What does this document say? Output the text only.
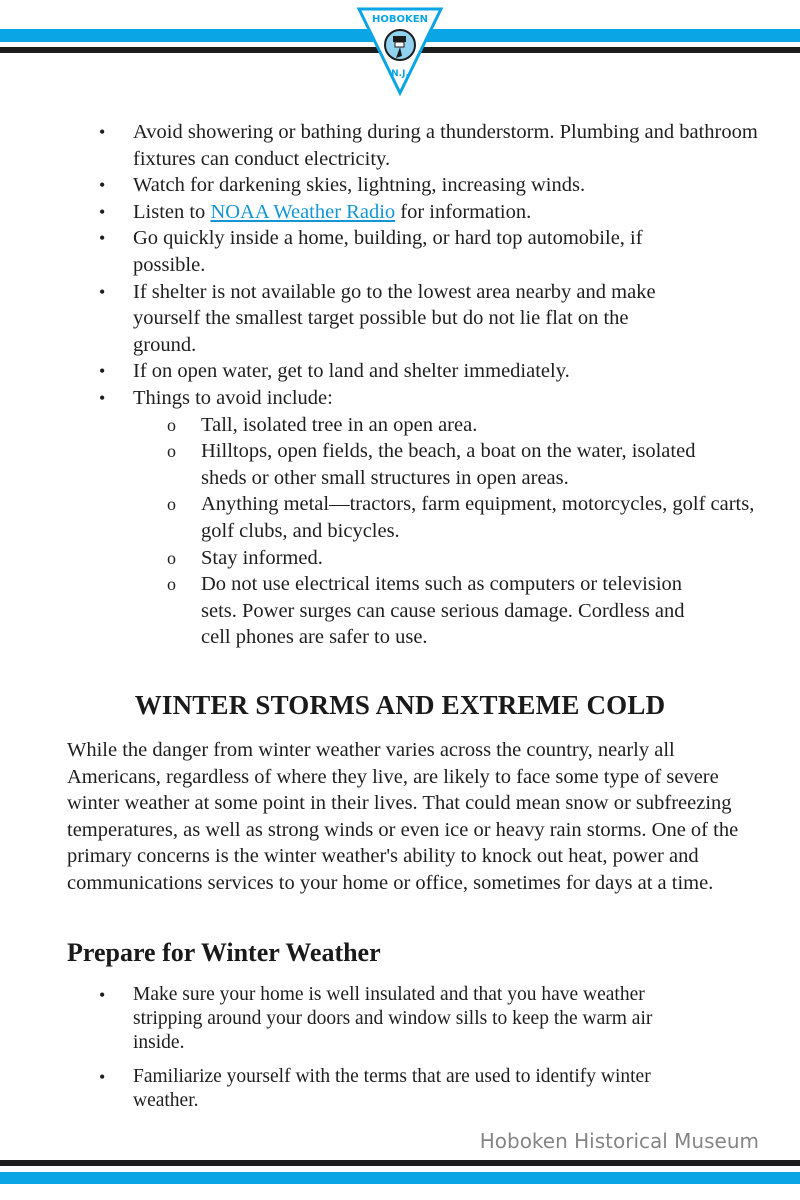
HOBOKEN
N.J.
• Avoid showering or bathing during a thunderstorm. Plumbing and bathroom fixtures can conduct electricity.
• Watch for darkening skies, lightning, increasing winds.
• Listen to NOAA Weather Radio for information.
• Go quickly inside a home, building, or hard top automobile, if possible.
• If shelter is not available go to the lowest area nearby and make yourself the smallest target possible but do not lie flat on the ground.
• If on open water, get to land and shelter immediately.
• Things to avoid include:
o Tall, isolated tree in an open area.
o Hilltops, open fields, the beach, a boat on the water, isolated sheds or other small structures in open areas.
o Anything metal—tractors, farm equipment, motorcycles, golf carts, golf clubs, and bicycles.
o Stay informed.
o Do not use electrical items such as computers or television sets. Power surges can cause serious damage. Cordless and cell phones are safer to use.
WINTER STORMS AND EXTREME COLD

While the danger from winter weather varies across the country, nearly all Americans, regardless of where they live, are likely to face some type of severe winter weather at some point in their lives. That could mean snow or subfreezing temperatures, as well as strong winds or even ice or heavy rain storms. One of the primary concerns is the winter weather's ability to knock out heat, power and communications services to your home or office, sometimes for days at a time.

Prepare for Winter Weather
• Make sure your home is well insulated and that you have weather stripping around your doors and window sills to keep the warm air inside.
• Familiarize yourself with the terms that are used to identify winter weather.
Hoboken Historical Museum
